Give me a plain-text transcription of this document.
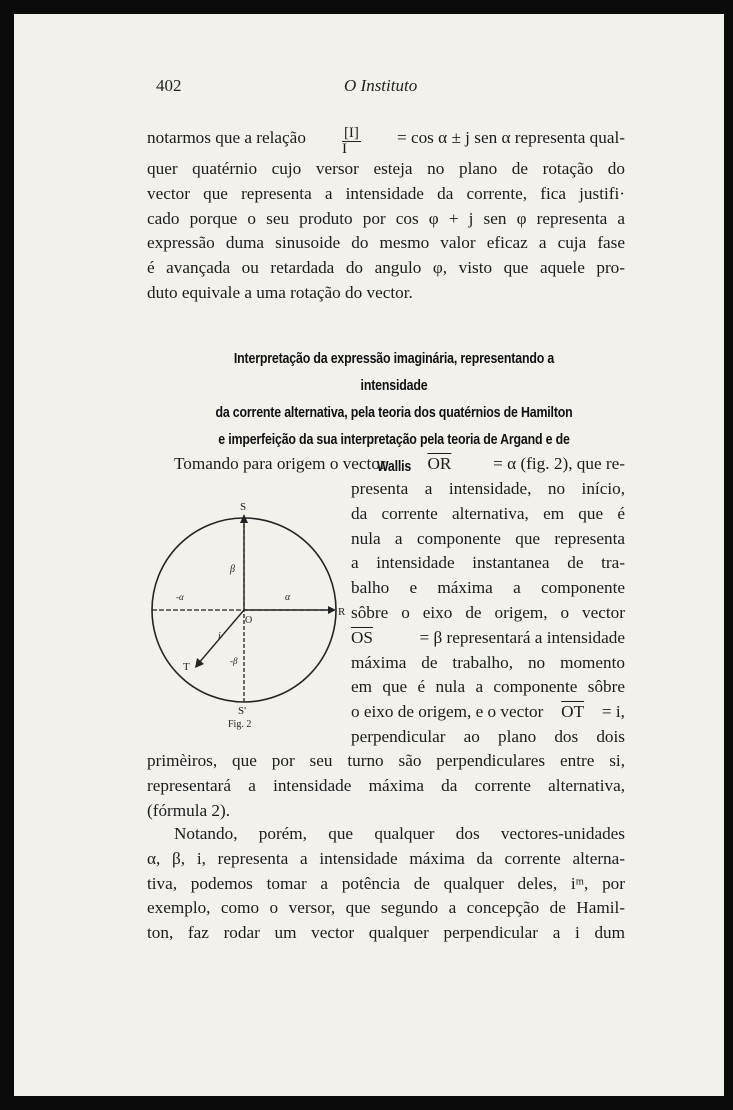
402	O Instituto
notarmos que a relação $\frac{[I]}{I} = \cos \alpha \pm j$ sen α representa qual-
quer quatérnio cujo versor esteja no plano de rotação do
vector que representa a intensidade da corrente, fica justifi·
cado porque o seu produto por cos φ + j sen φ representa a
expressão duma sinusoide do mesmo valor eficaz a cuja fase
é avançada ou retardada do angulo φ, visto que aquele pro-
duto equivale a uma rotação do vector.
Interpretação da expressão imaginária, representando a intensidade
da corrente alternativa, pela teoria dos quatérnios de Hamilton
e imperfeição da sua interpretação pela teoria de Argand e de Wallis
Tomando para origem o vector $\overline{OR} = \alpha$ (fig. 2), que re-
presenta a intensidade, no início,
da corrente alternativa, em que é
nula a componente que representa
a intensidade instantanea de tra-
balho e máxima a componente
sôbre o eixo de origem, o vector
$\overline{OS}$	= β representará a intensidade
máxima de trabalho, no momento
em que é nula a componente sôbre
o eixo de origem, e o vector $\overline{OT} = i$,
perpendicular ao plano dos dois
primèiros, que por seu turno são perpendiculares entre si,
representará a intensidade máxima da corrente alternativa,
(fórmula 2).
Notando, porém, que qualquer dos vectores-unidades
α, β, i, representa a intensidade máxima da corrente alterna-
tiva, podemos tomar a potência de qualquer deles, iᵐ, por
exemplo, como o versor, que segundo a concepção de Hamil-
ton, faz rodar um vector qualquer perpendicular a i dum
S
S'
R
T
O
β
α
-α
-β
i
Fig. 2
